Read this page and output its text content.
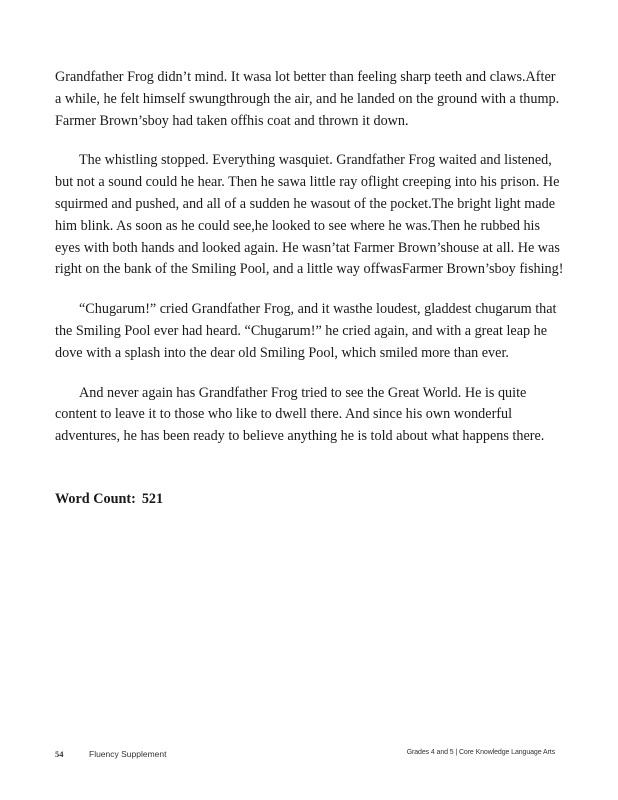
Grandfather Frog didn’t mind. It wasa lot better than feeling sharp teeth and claws.After
a while, he felt himself swungthrough the air, and he landed on the ground with a thump.
Farmer Brown’sboy had taken offhis coat and thrown it down.

The whistling stopped. Everything wasquiet. Grandfather Frog waited and listened,
but not a sound could he hear. Then he sawa little ray oflight creeping into his prison. He
squirmed and pushed, and all of a sudden he wasout of the pocket.The bright light made
him blink. As soon as he could see,he looked to see where he was.Then he rubbed his
eyes with both hands and looked again. He wasn’tat Farmer Brown’shouse at all. He was
right on the bank of the Smiling Pool, and a little way offwasFarmer Brown’sboy fishing!

“Chugarum!” cried Grandfather Frog, and it wasthe loudest, gladdest chugarum that
the Smiling Pool ever had heard. “Chugarum!” he cried again, and with a great leap he
dove with a splash into the dear old Smiling Pool, which smiled more than ever.

And never again has Grandfather Frog tried to see the Great World. He is quite
content to leave it to those who like to dwell there. And since his own wonderful
adventures, he has been ready to believe anything he is told about what happens there.

Word Count: 521

54	Fluency Supplement	Grades 4 and 5 | Core Knowledge Language Arts
